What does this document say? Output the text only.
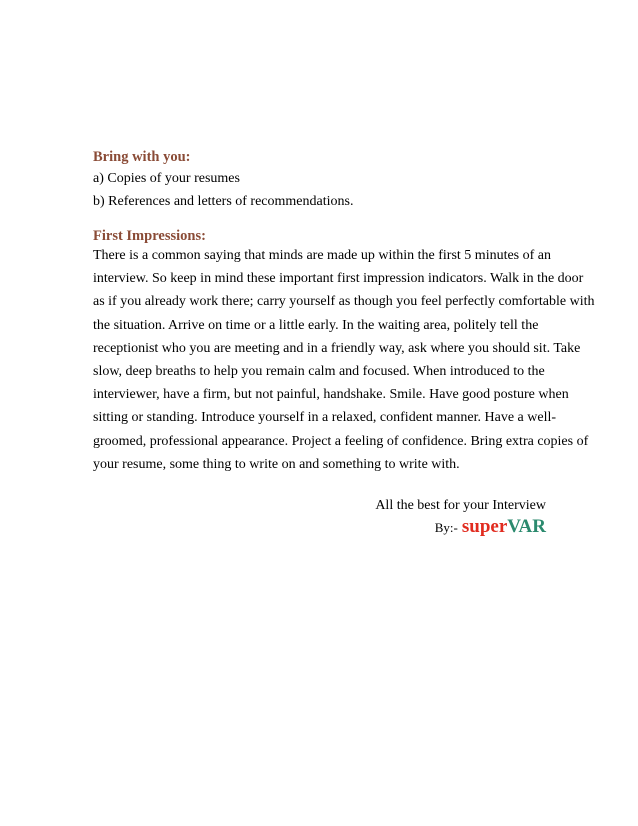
Bring with you:

a) Copies of your resumes

b) References and letters of recommendations.

First Impressions:

There is a common saying that minds are made up within the first 5 minutes of an
interview. So keep in mind these important first impression indicators. Walk in the door
as if you already work there; carry yourself as though you feel perfectly comfortable with
the situation. Arrive on time or a little early. In the waiting area, politely tell the
receptionist who you are meeting and in a friendly way, ask where you should sit. Take
slow, deep breaths to help you remain calm and focused. When introduced to the
interviewer, have a firm, but not painful, handshake. Smile. Have good posture when
sitting or standing. Introduce yourself in a relaxed, confident manner. Have a well-
groomed, professional appearance. Project a feeling of confidence. Bring extra copies of
your resume, some thing to write on and something to write with.

All the best for your Interview

By:- superVAR
